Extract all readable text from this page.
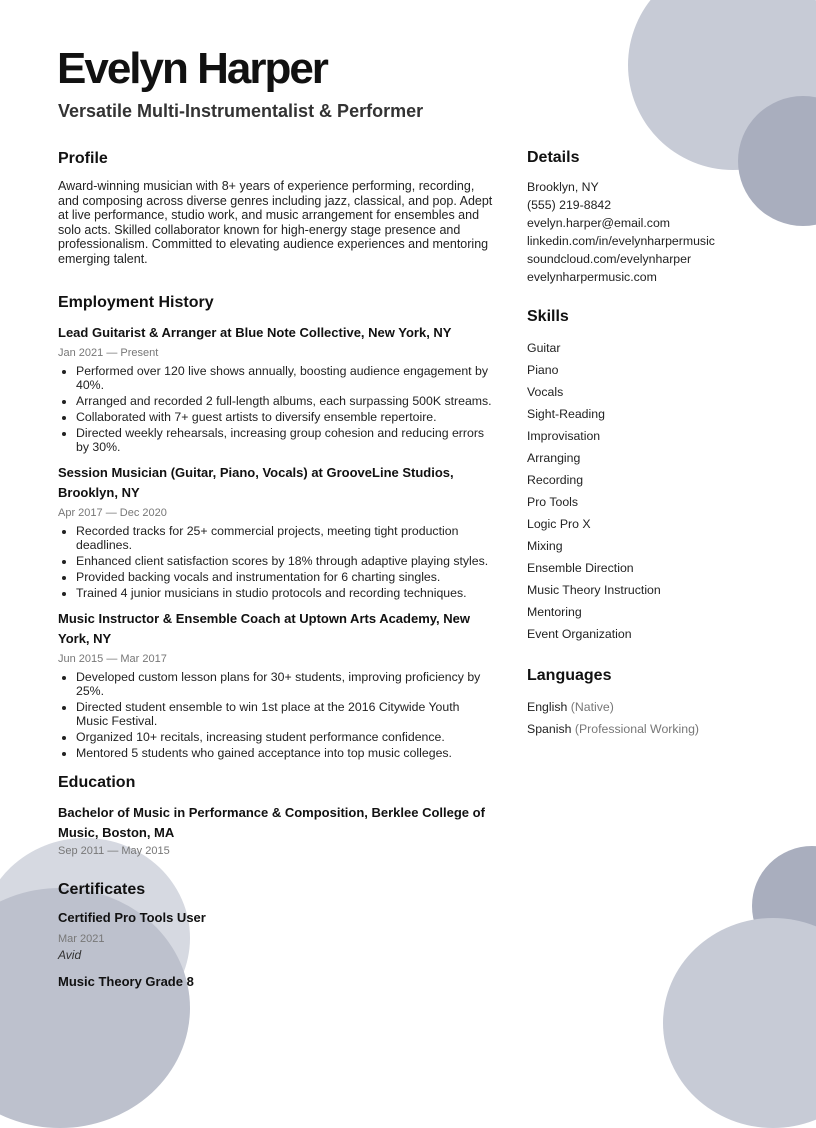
Evelyn Harper
Versatile Multi-Instrumentalist & Performer
Profile

Award-winning musician with 8+ years of experience performing, recording, and composing across diverse genres including jazz, classical, and pop. Adept at live performance, studio work, and music arrangement for ensembles and solo acts. Skilled collaborator known for high-energy stage presence and professionalism. Committed to elevating audience experiences and mentoring emerging talent.

Employment History
Lead Guitarist & Arranger at Blue Note Collective, New York, NY
Jan 2021 — Present
• Performed over 120 live shows annually, boosting audience engagement by 40%.
• Arranged and recorded 2 full-length albums, each surpassing 500K streams.
• Collaborated with 7+ guest artists to diversify ensemble repertoire.
• Directed weekly rehearsals, increasing group cohesion and reducing errors by 30%.
Session Musician (Guitar, Piano, Vocals) at GrooveLine Studios, Brooklyn, NY
Apr 2017 — Dec 2020
• Recorded tracks for 25+ commercial projects, meeting tight production deadlines.
• Enhanced client satisfaction scores by 18% through adaptive playing styles.
• Provided backing vocals and instrumentation for 6 charting singles.
• Trained 4 junior musicians in studio protocols and recording techniques.
Music Instructor & Ensemble Coach at Uptown Arts Academy, New York, NY
Jun 2015 — Mar 2017
• Developed custom lesson plans for 30+ students, improving proficiency by 25%.
• Directed student ensemble to win 1st place at the 2016 Citywide Youth Music Festival.
• Organized 10+ recitals, increasing student performance confidence.
• Mentored 5 students who gained acceptance into top music colleges.
Education
Bachelor of Music in Performance & Composition, Berklee College of Music, Boston, MA
Sep 2011 — May 2015
Certificates
Certified Pro Tools User
Mar 2021
Avid
Music Theory Grade 8
Details
Brooklyn, NY
(555) 219-8842
evelyn.harper@email.com
linkedin.com/in/evelynharpermusic
soundcloud.com/evelynharper
evelynharpermusic.com
Skills
Guitar
Piano
Vocals
Sight-Reading
Improvisation
Arranging
Recording
Pro Tools
Logic Pro X
Mixing
Ensemble Direction
Music Theory Instruction
Mentoring
Event Organization
Languages
English (Native)
Spanish (Professional Working)
